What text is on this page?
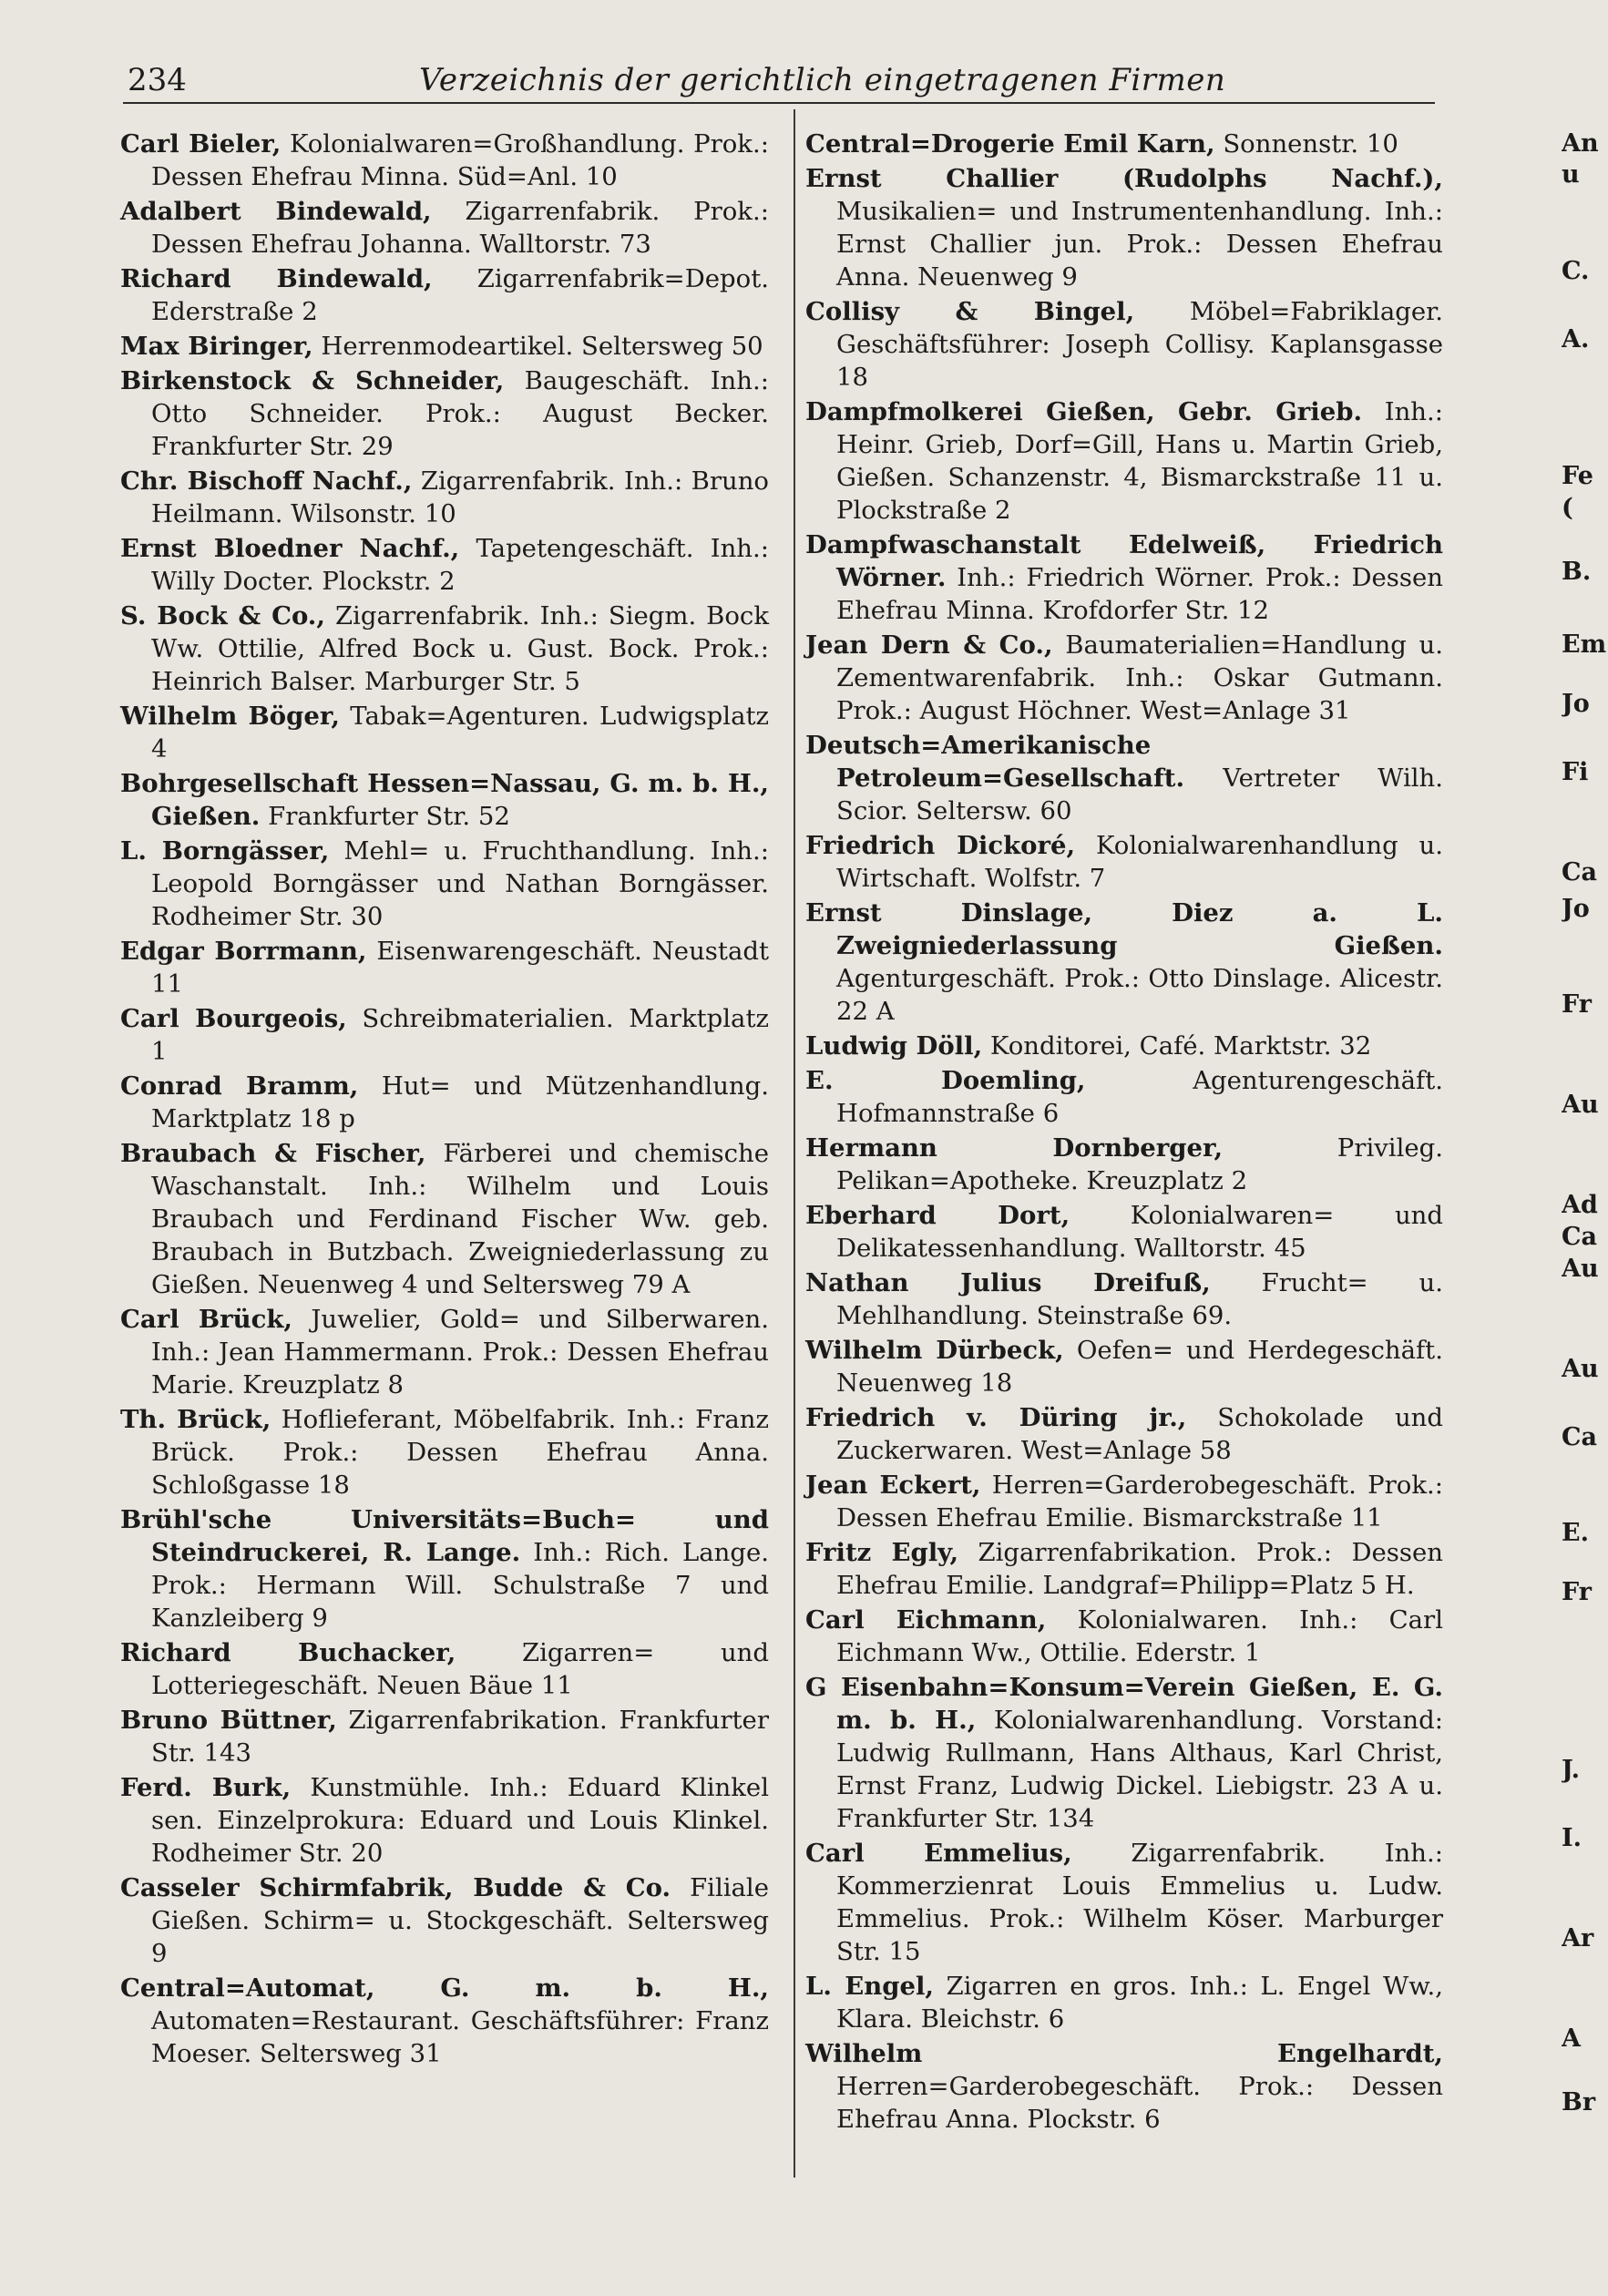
234	Verzeichnis der gerichtlich eingetragenen Firmen

Carl Bieler, Kolonialwaren=Großhandlung. Prok.: Dessen Ehefrau Minna. Süd=Anl. 10

Adalbert Bindewald, Zigarrenfabrik. Prok.: Dessen Ehefrau Johanna. Walltorstr. 73

Richard Bindewald, Zigarrenfabrik=Depot. Ederstraße 2

Max Biringer, Herrenmodeartikel. Seltersweg 50

Birkenstock & Schneider, Baugeschäft. Inh.: Otto Schneider. Prok.: August Becker. Frankfurter Str. 29

Chr. Bischoff Nachf., Zigarrenfabrik. Inh.: Bruno Heilmann. Wilsonstr. 10

Ernst Bloedner Nachf., Tapetengeschäft. Inh.: Willy Docter. Plockstr. 2

S. Bock & Co., Zigarrenfabrik. Inh.: Siegm. Bock Ww. Ottilie, Alfred Bock u. Gust. Bock. Prok.: Heinrich Balser. Marburger Str. 5

Wilhelm Böger, Tabak=Agenturen. Ludwigsplatz 4

Bohrgesellschaft Hessen=Nassau, G. m. b. H., Gießen. Frankfurter Str. 52

L. Borngässer, Mehl= u. Fruchthandlung. Inh.: Leopold Borngässer und Nathan Borngässer. Rodheimer Str. 30

Edgar Borrmann, Eisenwarengeschäft. Neustadt 11

Carl Bourgeois, Schreibmaterialien. Marktplatz 1

Conrad Bramm, Hut= und Mützenhandlung. Marktplatz 18 p

Braubach & Fischer, Färberei und chemische Waschanstalt. Inh.: Wilhelm und Louis Braubach und Ferdinand Fischer Ww. geb. Braubach in Butzbach. Zweigniederlassung zu Gießen. Neuenweg 4 und Seltersweg 79 A

Carl Brück, Juwelier, Gold= und Silberwaren. Inh.: Jean Hammermann. Prok.: Dessen Ehefrau Marie. Kreuzplatz 8

Th. Brück, Hoflieferant, Möbelfabrik. Inh.: Franz Brück. Prok.: Dessen Ehefrau Anna. Schloßgasse 18

Brühl'sche Universitäts=Buch= und Steindruckerei, R. Lange. Inh.: Rich. Lange. Prok.: Hermann Will. Schulstraße 7 und Kanzleiberg 9

Richard Buchacker,	Zigarren= und Lotteriegeschäft. Neuen Bäue 11

Bruno Büttner, Zigarrenfabrikation. Frankfurter Str. 143

Ferd. Burk, Kunstmühle. Inh.: Eduard Klinkel sen. Einzelprokura: Eduard und Louis Klinkel. Rodheimer Str. 20

Casseler Schirmfabrik, Budde & Co. Filiale Gießen. Schirm= u. Stockgeschäft. Seltersweg 9

Central=Automat, G. m. b. H., Automaten=Restaurant. Geschäftsführer: Franz Moeser. Seltersweg 31

Central=Drogerie Emil Karn, Sonnenstr. 10

Ernst Challier (Rudolphs Nachf.), Musikalien= und Instrumentenhandlung. Inh.: Ernst Challier jun. Prok.: Dessen Ehefrau Anna. Neuenweg 9

Collisy & Bingel, Möbel=Fabriklager. Geschäftsführer: Joseph Collisy. Kaplansgasse 18

Dampfmolkerei Gießen, Gebr. Grieb. Inh.: Heinr. Grieb, Dorf=Gill, Hans u. Martin Grieb, Gießen. Schanzenstr. 4, Bismarckstraße 11 u. Plockstraße 2

Dampfwaschanstalt Edelweiß, Friedrich Wörner. Inh.: Friedrich Wörner. Prok.: Dessen Ehefrau Minna. Krofdorfer Str. 12

Jean Dern & Co., Baumaterialien=Handlung u. Zementwarenfabrik. Inh.: Oskar Gutmann. Prok.: August Höchner. West=Anlage 31

Deutsch=Amerikanische Petroleum=Gesellschaft. Vertreter Wilh. Scior. Seltersw. 60

Friedrich Dickoré, Kolonialwarenhandlung u. Wirtschaft. Wolfstr. 7

Ernst Dinslage, Diez a. L. Zweigniederlassung Gießen. Agenturgeschäft. Prok.: Otto Dinslage. Alicestr. 22 A

Ludwig Döll, Konditorei, Café. Marktstr. 32

E. Doemling,	Agenturengeschäft. Hofmannstraße 6

Hermann Dornberger,	Privileg. Pelikan=Apotheke. Kreuzplatz 2

Eberhard Dort, Kolonialwaren= und Delikatessenhandlung. Walltorstr. 45

Nathan Julius Dreifuß, Frucht= u. Mehlhandlung. Steinstraße 69.

Wilhelm Dürbeck, Oefen= und Herdegeschäft. Neuenweg 18

Friedrich v. Düring jr., Schokolade und Zuckerwaren. West=Anlage 58

Jean Eckert, Herren=Garderobegeschäft. Prok.: Dessen Ehefrau Emilie. Bismarckstraße 11

Fritz Egly, Zigarrenfabrikation. Prok.: Dessen Ehefrau Emilie. Landgraf=Philipp=Platz 5 H.

Carl Eichmann, Kolonialwaren. Inh.: Carl Eichmann Ww., Ottilie. Ederstr. 1

G Eisenbahn=Konsum=Verein Gießen, E. G. m. b. H., Kolonialwarenhandlung. Vorstand: Ludwig Rullmann, Hans Althaus, Karl Christ, Ernst Franz, Ludwig Dickel. Liebigstr. 23 A u. Frankfurter Str. 134

Carl Emmelius, Zigarrenfabrik. Inh.: Kommerzienrat Louis Emmelius u. Ludw. Emmelius. Prok.: Wilhelm Köser. Marburger Str. 15

L. Engel, Zigarren en gros. Inh.: L. Engel Ww., Klara. Bleichstr. 6

Wilhelm Engelhardt, Herren=Garderobegeschäft. Prok.: Dessen Ehefrau Anna. Plockstr. 6

An
u
C.
A.
Fe
(
B.
Em
Jo
Fi
Ca
Jo
Fr
Au
Ad
Ca
Au
Au
Ca
E.
Fr
J.
I.
Ar
A
Br
